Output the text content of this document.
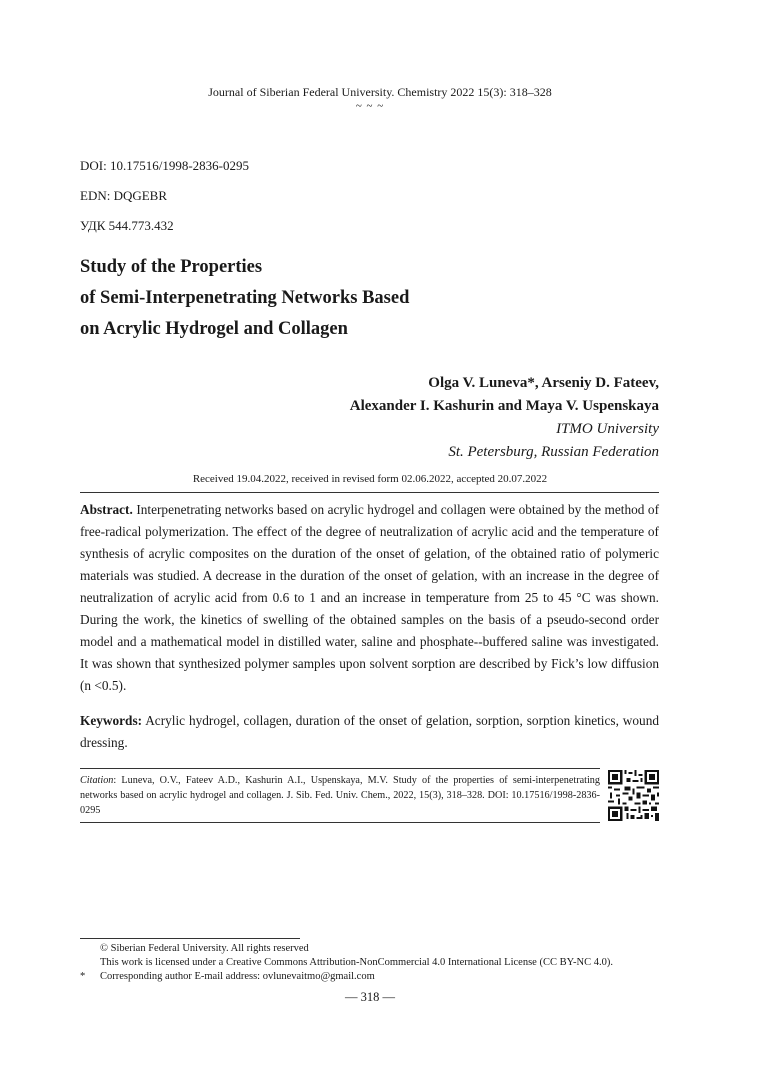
Journal of Siberian Federal University. Chemistry 2022 15(3): 318–328
~ ~ ~
DOI: 10.17516/1998-2836-0295
EDN: DQGEBR
УДК 544.773.432
Study of the Properties
of Semi-Interpenetrating Networks Based
on Acrylic Hydrogel and Collagen
Olga V. Luneva*, Arseniy D. Fateev,
Alexander I. Kashurin and Maya V. Uspenskaya
ITMO University
St. Petersburg, Russian Federation
Received 19.04.2022, received in revised form 02.06.2022, accepted 20.07.2022
Abstract. Interpenetrating networks based on acrylic hydrogel and collagen were obtained by the method of free-radical polymerization. The effect of the degree of neutralization of acrylic acid and the temperature of synthesis of acrylic composites on the duration of the onset of gelation, of the obtained ratio of polymeric materials was studied. A decrease in the duration of the onset of gelation, with an increase in the degree of neutralization of acrylic acid from 0.6 to 1 and an increase in temperature from 25 to 45 °C was shown. During the work, the kinetics of swelling of the obtained samples on the basis of a pseudo-second order model and a mathematical model in distilled water, saline and phosphate--buffered saline was investigated. It was shown that synthesized polymer samples upon solvent sorption are described by Fick’s low diffusion (n <0.5).
Keywords: Acrylic hydrogel, collagen, duration of the onset of gelation, sorption, sorption kinetics, wound dressing.
Citation: Luneva, O.V., Fateev A.D., Kashurin A.I., Uspenskaya, M.V. Study of the properties of semi-interpenetrating networks based on acrylic hydrogel and collagen. J. Sib. Fed. Univ. Chem., 2022, 15(3), 318–328. DOI: 10.17516/1998-2836-0295
© Siberian Federal University. All rights reserved
This work is licensed under a Creative Commons Attribution-NonCommercial 4.0 International License (CC BY-NC 4.0).
* Corresponding author E-mail address: ovlunevaitmo@gmail.com
— 318 —
